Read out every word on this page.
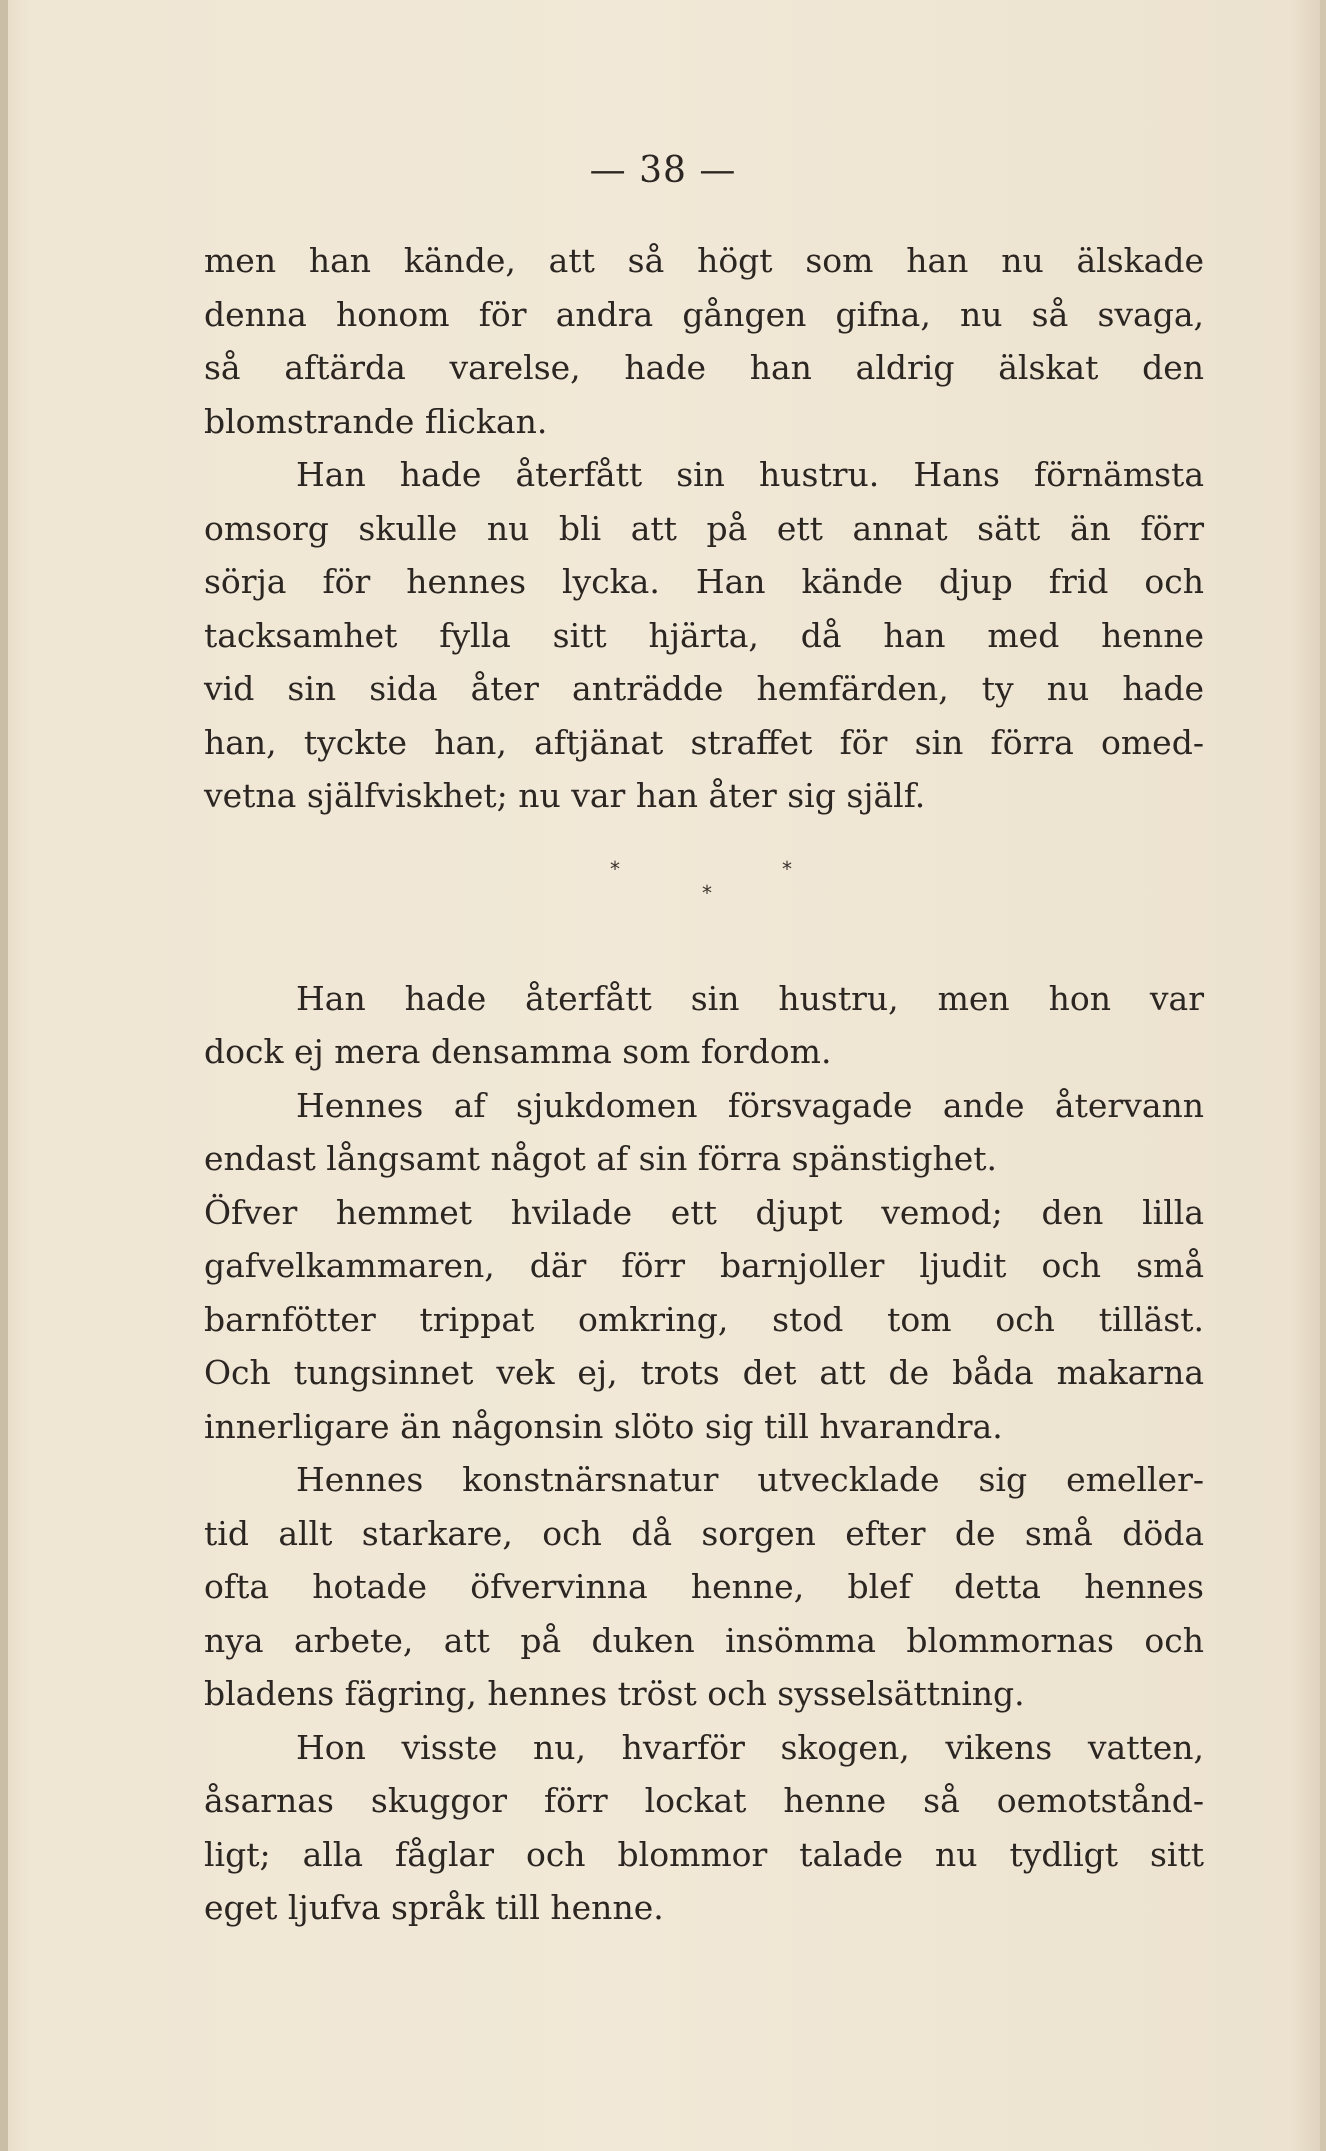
— 38 —
men han kände, att så högt som han nu älskade
denna honom för andra gången gifna, nu så svaga,
så aftärda varelse, hade han aldrig älskat den
blomstrande flickan.
Han hade återfått sin hustru. Hans förnämsta
omsorg skulle nu bli att på ett annat sätt än förr
sörja för hennes lycka. Han kände djup frid och
tacksamhet fylla sitt hjärta, då han med henne
vid sin sida åter anträdde hemfärden, ty nu hade
han, tyckte han, aftjänat straffet för sin förra omed-
vetna själfviskhet; nu var han åter sig själf.
*
*
*
Han hade återfått sin hustru, men hon var
dock ej mera densamma som fordom.
Hennes af sjukdomen försvagade ande återvann
endast långsamt något af sin förra spänstighet.
Öfver hemmet hvilade ett djupt vemod; den lilla
gafvelkammaren, där förr barnjoller ljudit och små
barnfötter trippat omkring, stod tom och tilläst.
Och tungsinnet vek ej, trots det att de båda makarna
innerligare än någonsin slöto sig till hvarandra.
Hennes konstnärsnatur utvecklade sig emeller-
tid allt starkare, och då sorgen efter de små döda
ofta hotade öfvervinna henne, blef detta hennes
nya arbete, att på duken insömma blommornas och
bladens fägring, hennes tröst och sysselsättning.
Hon visste nu, hvarför skogen, vikens vatten,
åsarnas skuggor förr lockat henne så oemotstånd-
ligt; alla fåglar och blommor talade nu tydligt sitt
eget ljufva språk till henne.
